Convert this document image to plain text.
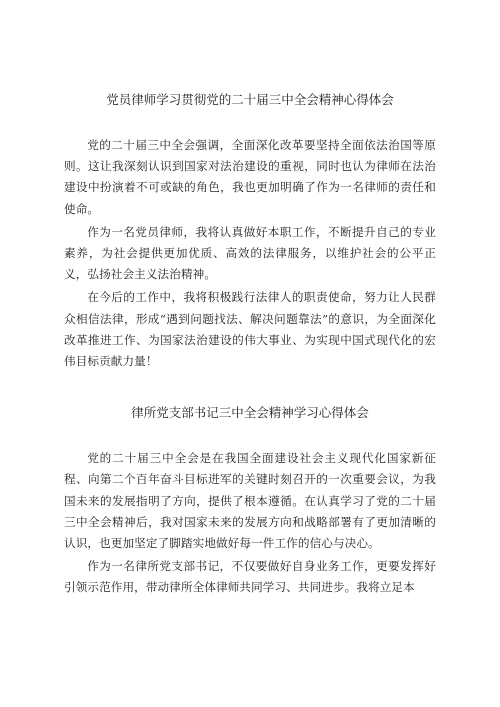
党员律师学习贯彻党的二十届三中全会精神心得体会

党的二十届三中全会强调，全面深化改革要坚持全面依法治国等原则。这让我深刻认识到国家对法治建设的重视，同时也认为律师在法治建设中扮演着不可或缺的角色，我也更加明确了作为一名律师的责任和使命。

作为一名党员律师，我将认真做好本职工作，不断提升自己的专业素养，为社会提供更加优质、高效的法律服务，以维护社会的公平正义，弘扬社会主义法治精神。

在今后的工作中，我将积极践行法律人的职责使命，努力让人民群众相信法律，形成“遇到问题找法、解决问题靠法”的意识，为全面深化改革推进工作、为国家法治建设的伟大事业、为实现中国式现代化的宏伟目标贡献力量！

律所党支部书记三中全会精神学习心得体会

党的二十届三中全会是在我国全面建设社会主义现代化国家新征程、向第二个百年奋斗目标进军的关键时刻召开的一次重要会议，为我国未来的发展指明了方向，提供了根本遵循。在认真学习了党的二十届三中全会精神后，我对国家未来的发展方向和战略部署有了更加清晰的认识，也更加坚定了脚踏实地做好每一件工作的信心与决心。

作为一名律所党支部书记，不仅要做好自身业务工作，更要发挥好引领示范作用，带动律所全体律师共同学习、共同进步。我将立足本
